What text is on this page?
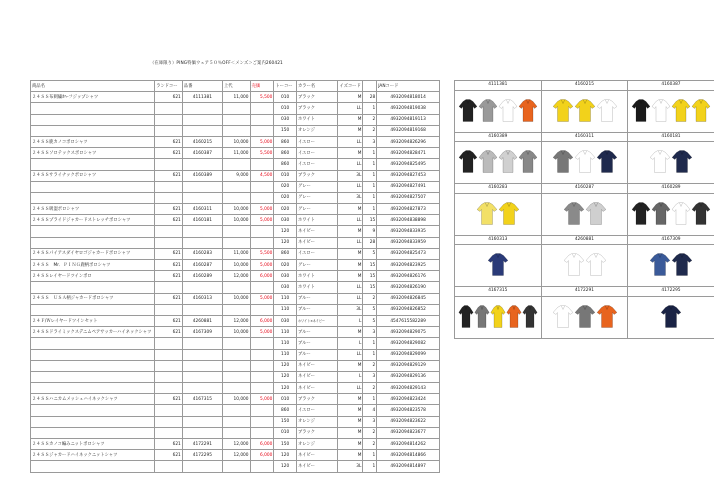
（在庫限り）PING特価ウェア５０％OFF＜メンズ＞ご案内260421
商品名	ランドコー	品番	上代	売価	トーコー	カラー名	イズコード		JANコード
２４ＳＳ布刺繍ｶﾊｰフジップシャツ	621	4111381	11,000	5,500	010	ブラック	M	28	4932094818014
					010	ブラック	LL	1	4932094819038
					030	ホワイト	M	2	4932094819113
					150	オレンジ	M	2	4932094819168
２４ＳＳ鹿カノコポロシャツ	621	4160215	10,000	5,000	860	イエロー	LL	3	4932094826296
２４ＳＳソロテックスポロシャツ	621	4160387	11,000	5,500	860	イエロー	M	1	4932094828471
					860	イエロー	LL	1	4932094825495
２４ＳＳサライナックポロシャツ	621	4160389	9,000	4,500	010	ブラック	3L	1	4932094827453
					020	グレー	LL	1	4932094827491
					020	グレー	3L	1	4932094827507
２４ＳＳ吸湿ポロシャツ	621	4160311	10,000	5,000	020	グレー	M	1	4932094827873
２４ＳＳプライドジャカードストレッチポロシャツ	621	4160181	10,000	5,000	030	ホワイト	LL	15	4932094838898
					120	ネイビー	M	9	4932094833935
					120	ネイビー	LL	28	4932094833959
２４ＳＳパイアスダイヤロゴジャカードポロシャツ	621	4160283	11,000	5,500	860	イエロー	M	5	4932094825473
２４ＳＳ　Mr．ＰＩＮＧ鹿柄ポロシャツ	621	4160287	10,000	5,000	020	グレー	M	15	4932094823925
２４ＳＳレイヤードツインポロ	621	4160289	12,000	6,000	030	ホワイト	M	15	4932094826176
					030	ホワイト	LL	15	4932094826190
２４ＳＳ　ＵＳＡ柄ジャカードポロシャツ	621	4160313	10,000	5,000	110	ブルー	LL	2	4932094826845
					110	ブルー	3L	5	4932094826852
２４Ｆ/Ｗレイヤードツインセット	621	4260881	12,000	6,000	030	ホワイト×ネイビー	L	5	4547615582289
２４ＳＳドライミックスデニムペアサッカーハイネックシャツ	621	4167309	10,000	5,000	110	ブルー	M	3	4932094829075
					110	ブルー	L	1	4932094829082
					110	ブルー	LL	1	4932094829099
					120	ネイビー	M	2	4932094829129
					120	ネイビー	L	3	4932094829136
					120	ネイビー	LL	2	4932094829143
２４ＳＳハニカムメッシュハイネックシャツ	621	4167315	10,000	5,000	010	ブラック	M	1	4932094823424
					860	イエロー	M	4	4932094823578
					150	オレンジ	M	3	4932094823622
					010	ブラック	M	2	4932094823677
２４ＳＳカノコ編みニットポロシャツ	621	4172291	12,000	6,000	150	オレンジ	M	2	4932094814262
２４ＳＳジャカードハイネックニットシャツ	621	4172295	12,000	6,000	120	ネイビー	M	1	4932094814866
					120	ネイビー	3L	1	4932094814897
4111381	4160215	4160387

4160389	4160311	4160181

4160283	4160287	4160289

4160313	4260881	4167309

4167315	4172291	4172295
